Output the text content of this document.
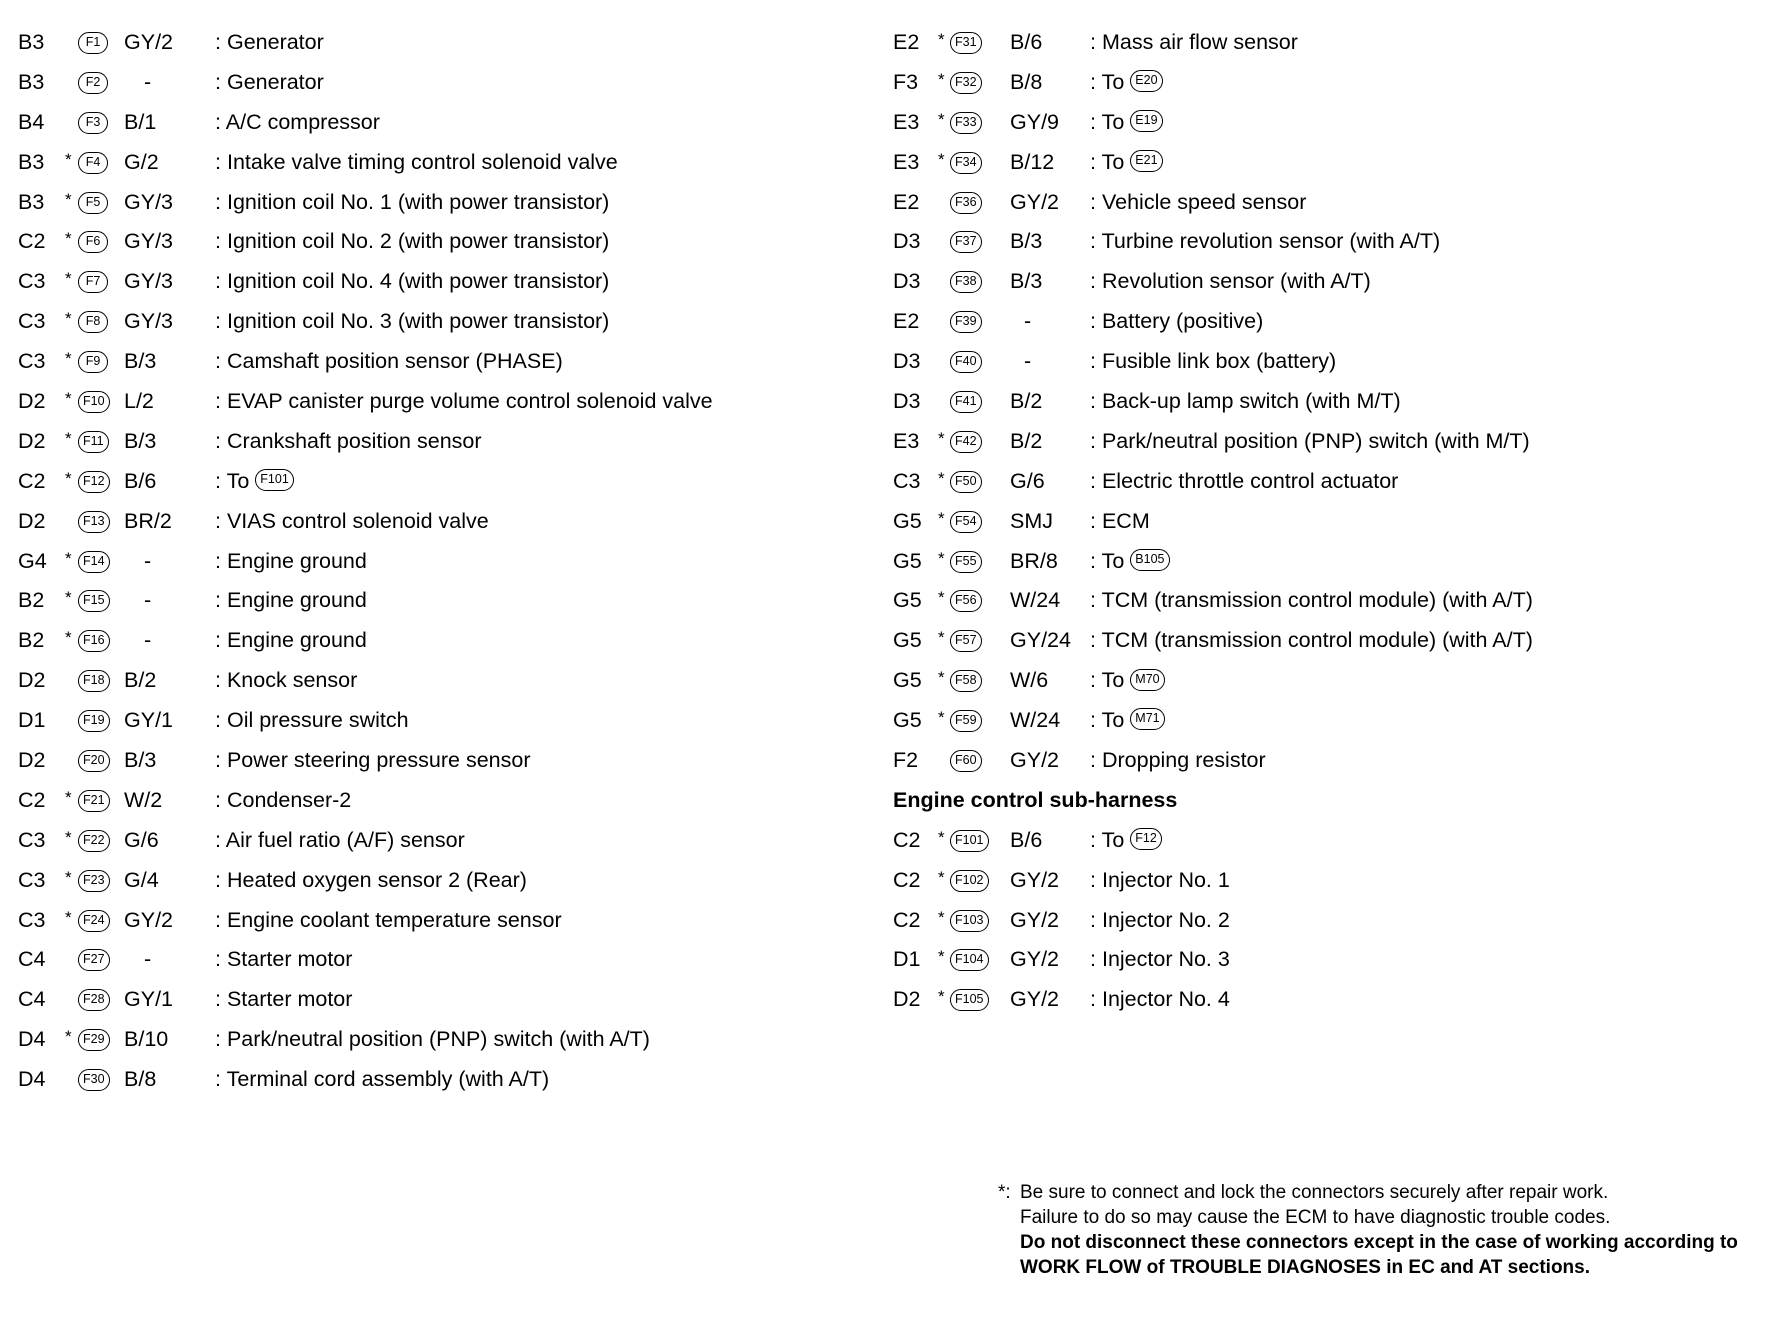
B3	F1	GY/2	: Generator
B3	F2	-	: Generator
B4	F3	B/1	: A/C compressor
B3 *	F4	G/2	: Intake valve timing control solenoid valve
B3 *	F5	GY/3	: Ignition coil No. 1 (with power transistor)
C2 *	F6	GY/3	: Ignition coil No. 2 (with power transistor)
C3 *	F7	GY/3	: Ignition coil No. 4 (with power transistor)
C3 *	F8	GY/3	: Ignition coil No. 3 (with power transistor)
C3 *	F9	B/3	: Camshaft position sensor (PHASE)
D2 * F10 L/2	: EVAP canister purge volume control solenoid valve
D2 * F11 B/3	: Crankshaft position sensor
C2 * F12 B/6	: To F101
D2	F13 BR/2	: VIAS control solenoid valve
G4 * F14 -	: Engine ground
B2 * F15 -	: Engine ground
B2 * F16 -	: Engine ground
D2	F18 B/2	: Knock sensor
D1	F19 GY/1	: Oil pressure switch
D2	F20 B/3	: Power steering pressure sensor
C2 * F21 W/2	: Condenser-2
C3 * F22 G/6	: Air fuel ratio (A/F) sensor
C3 * F23 G/4	: Heated oxygen sensor 2 (Rear)
C3 * F24 GY/2	: Engine coolant temperature sensor
C4	F27 -	: Starter motor
C4	F28 GY/1	: Starter motor
D4 * F29 B/10	: Park/neutral position (PNP) switch (with A/T)
D4	F30 B/8	: Terminal cord assembly (with A/T)
E2 * F31 B/6	: Mass air flow sensor
F3 * F32 B/8	: To E20
E3 * F33 GY/9	: To E19
E3 * F34 B/12	: To E21
E2	F36 GY/2	: Vehicle speed sensor
D3	F37 B/3	: Turbine revolution sensor (with A/T)
D3	F38 B/3	: Revolution sensor (with A/T)
E2	F39 -	: Battery (positive)
D3	F40 -	: Fusible link box (battery)
D3	F41 B/2	: Back-up lamp switch (with M/T)
E3 * F42 B/2	: Park/neutral position (PNP) switch (with M/T)
C3 * F50 G/6	: Electric throttle control actuator
G5 * F54 SMJ	: ECM
G5 * F55 BR/8	: To B105
G5 * F56 W/24	: TCM (transmission control module) (with A/T)
G5 * F57 GY/24 : TCM (transmission control module) (with A/T)
G5 * F58 W/6	: To M70
G5 * F59 W/24	: To M71
F2	F60 GY/2	: Dropping resistor
Engine control sub-harness
C2 * F101 B/6	: To F12
C2 * F102 GY/2	: Injector No. 1
C2 * F103 GY/2	: Injector No. 2
D1 * F104 GY/2	: Injector No. 3
D2 * F105 GY/2	: Injector No. 4
*: Be sure to connect and lock the connectors securely after repair work.
Failure to do so may cause the ECM to have diagnostic trouble codes.
Do not disconnect these connectors except in the case of working according to WORK FLOW of TROUBLE DIAGNOSES in EC and AT sections.
